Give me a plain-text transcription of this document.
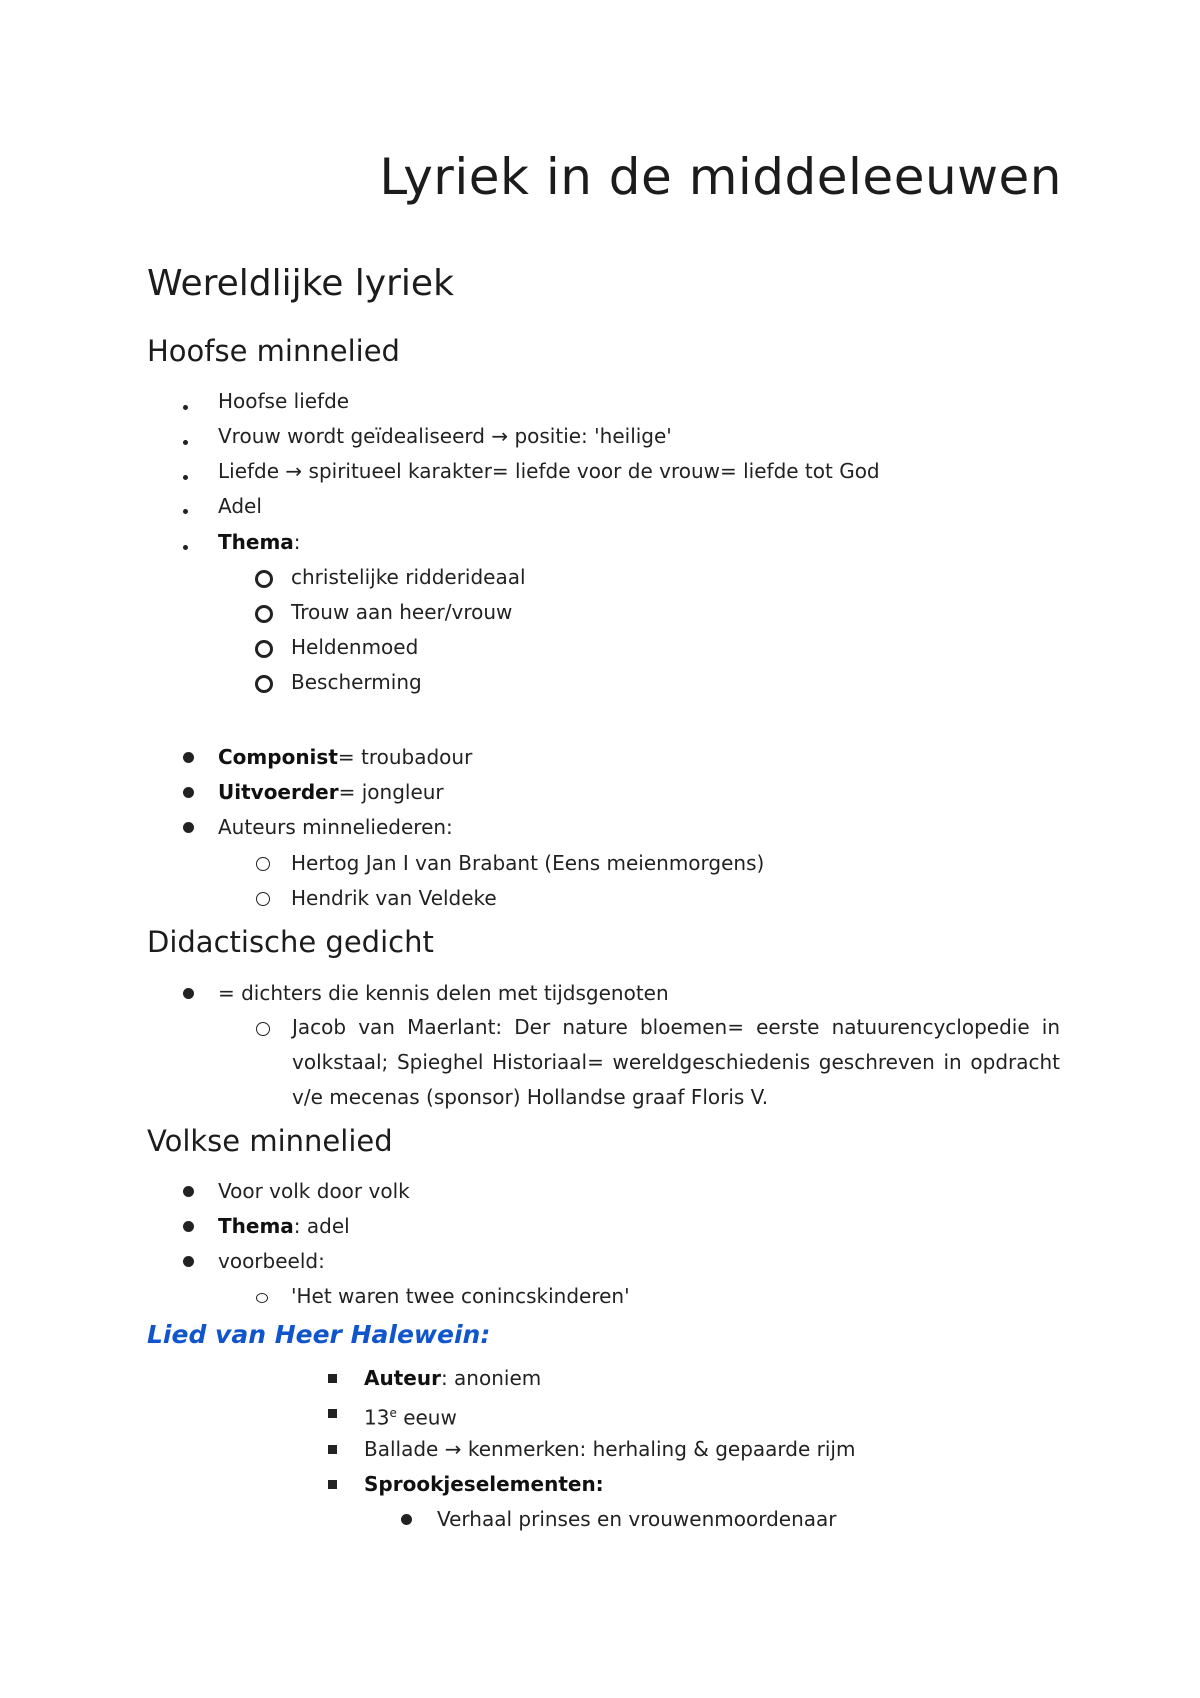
Lyriek in de middeleeuwen
Wereldlijke lyriek
Hoofse minnelied
Hoofse liefde
Vrouw wordt geïdealiseerd → positie: 'heilige'
Liefde → spiritueel karakter= liefde voor de vrouw= liefde tot God
Adel
Thema:
christelijke ridderideaal
Trouw aan heer/vrouw
Heldenmoed
Bescherming
Componist= troubadour
Uitvoerder= jongleur
Auteurs minneliederen:
Hertog Jan I van Brabant (Eens meienmorgens)
Hendrik van Veldeke
Didactische gedicht
= dichters die kennis delen met tijdsgenoten
Jacob van Maerlant: Der nature bloemen= eerste natuurencyclopedie in volkstaal; Spieghel Historiaal= wereldgeschiedenis geschreven in opdracht v/e mecenas (sponsor) Hollandse graaf Floris V.
Volkse minnelied
Voor volk door volk
Thema: adel
voorbeeld:
'Het waren twee conincskinderen'
Lied van Heer Halewein:
Auteur: anoniem
13e eeuw
Ballade → kenmerken: herhaling & gepaarde rijm
Sprookjeselementen:
Verhaal prinses en vrouwenmoordenaar
